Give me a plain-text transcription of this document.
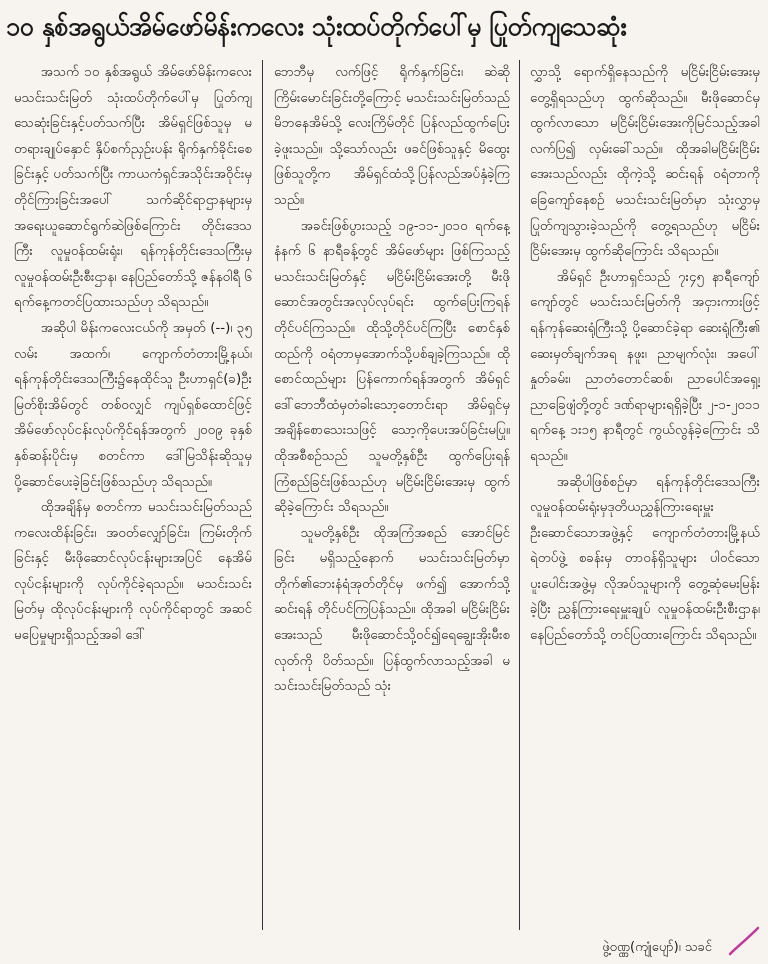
၁၀ နှစ်အရွယ်အိမ်ဖော်မိန်းကလေး သုံးထပ်တိုက်ပေါ်မှ ပြုတ်ကျသေဆုံး

အသက် ၁၀ နှစ်အရွယ် အိမ်ဖော်မိန်းကလေး မသင်းသင်းမြတ် သုံးထပ်တိုက်ပေါ်မှ ပြုတ်ကျသေဆုံးခြင်းနှင့်ပတ်သက်ပြီး အိမ်ရှင်ဖြစ်သူမှ မတရားချုပ်နှောင် နှိပ်စက်ညှဉ်းပန်း ရိုက်နှက်ခိုင်းစေခြင်းနှင့် ပတ်သက်ပြီး ကာယကံရှင်အသိုင်းအဝိုင်းမှ တိုင်ကြားခြင်းအပေါ် သက်ဆိုင်ရာဌာနများမှ အရေးယူဆောင်ရွက်ဆဲဖြစ်ကြောင်း တိုင်းဒေသကြီး လူမှုဝန်ထမ်းရုံး၊ ရန်ကုန်တိုင်းဒေသကြီးမှ လူမှုဝန်ထမ်းဦးစီးဌာန၊ နေပြည်တော်သို့ ဇန်နဝါရီ ၆ ရက်နေ့ကတင်ပြထားသည်ဟု သိရသည်။

အဆိုပါ မိန်းကလေးငယ်ကို အမှတ် (--)၊ ၃၅ လမ်း အထက်၊ ကျောက်တံတားမြို့နယ်၊ ရန်ကုန်တိုင်းဒေသကြီး၌နေထိုင်သူ ဦးဟာရှင်(ခ)ဦးမြတ်စိုးအိမ်တွင် တစ်ဝလျှင် ကျပ်ရှစ်ထောင်ဖြင့် အိမ်ဖော်လုပ်ငန်းလုပ်ကိုင်ရန်အတွက် ၂၀၀၉ ခုနှစ် နှစ်ဆန်းပိုင်းမှ စတင်ကာ ဒေါ်မြသိန်းဆိုသူမှ ပို့ဆောင်ပေးခဲ့ခြင်းဖြစ်သည်ဟု သိရသည်။

ထိုအချိန်မှ စတင်ကာ မသင်းသင်းမြတ်သည် ကလေးထိန်းခြင်း၊ အဝတ်လျှော်ခြင်း၊ ကြမ်းတိုက်ခြင်းနှင့် မီးဖိုဆောင်လုပ်ငန်းများအပြင် နေအိမ်လုပ်ငန်းများကို လုပ်ကိုင်ခဲ့ရသည်။ မသင်းသင်းမြတ်မှ ထိုလုပ်ငန်းများကို လုပ်ကိုင်ရာတွင် အဆင်မပြေမှုများရှိသည့်အခါ ဒေါ်

ဘေဘီမှ လက်ဖြင့် ရိုက်နှက်ခြင်း၊ ဆဲဆို ကြိမ်းမောင်းခြင်းတို့ကြောင့် မသင်းသင်းမြတ်သည် မိဘနေအိမ်သို့ လေးကြိမ်တိုင် ပြန်လည်ထွက်ပြေးခဲ့ဖူးသည်။ သို့သော်လည်း ဖခင်ဖြစ်သူနှင့် မိထွေးဖြစ်သူတို့က အိမ်ရှင်ထံသို့ပြန်လည်အပ်နှံခဲ့ကြသည်။

အခင်းဖြစ်ပွားသည့် ၁၉-၁၁-၂၀၁၀ ရက်နေ့ နံနက် ၆ နာရီခန့်တွင် အိမ်ဖော်များ ဖြစ်ကြသည့် မသင်းသင်းမြတ်နှင့် မငြိမ်းငြိမ်းအေးတို့ မီးဖိုဆောင်အတွင်းအလုပ်လုပ်ရင်း ထွက်ပြေးကြရန် တိုင်ပင်ကြသည်။ ထိုသို့တိုင်ပင်ကြပြီး စောင်နှစ်ထည်ကို ဝရံတာမှအောက်သို့ပစ်ချခဲ့ကြသည်။ ထိုစောင်ထည်များ ပြန်ကောက်ရန်အတွက် အိမ်ရှင် ဒေါ်ဘေဘီထံမှတံခါးသော့တောင်းရာ အိမ်ရှင်မှ အချိန်စောသေးသဖြင့် သော့ကိုပေးအပ်ခြင်းမပြု။ ထိုအစီစဉ်သည် သူမတို့နှစ်ဦး ထွက်ပြေးရန်ကြံစည်ခြင်းဖြစ်သည်ဟု မငြိမ်းငြိမ်းအေးမှ ထွက်ဆိုခဲ့ကြောင်း သိရသည်။

သူမတို့နှစ်ဦး ထိုအကြံအစည် အောင်မြင်ခြင်း မရှိသည့်နောက် မသင်းသင်းမြတ်မှာ တိုက်၏ဘေးနံရံအုတ်တိုင်မှ ဖက်၍ အောက်သို့ဆင်းရန် တိုင်ပင်ကြပြန်သည်။ ထိုအခါ မငြိမ်းငြိမ်းအေးသည် မီးဖိုဆောင်သို့ဝင်၍ရေချွေးအိုးမီးစလုတ်ကို ပိတ်သည်။ ပြန်ထွက်လာသည့်အခါ မသင်းသင်းမြတ်သည် သုံး

လွှာသို့ ရောက်ရှိနေသည်ကို မငြိမ်းငြိမ်းအေးမှ တွေ့ရှိရသည်ဟု ထွက်ဆိုသည်။ မီးဖိုဆောင်မှထွက်လာသော မငြိမ်းငြိမ်းအေးကိုမြင်သည့်အခါ လက်ပြ၍ လှမ်းခေါ်သည်။ ထိုအခါမငြိမ်းငြိမ်းအေးသည်လည်း ထိုကဲ့သို့ ဆင်းရန် ဝရံတာကို ခြေကျော်နေစဉ် မသင်းသင်းမြတ်မှာ သုံးလွှာမှ ပြုတ်ကျသွားခဲ့သည်ကို တွေ့ရသည်ဟု မငြိမ်းငြိမ်းအေးမှ ထွက်ဆိုကြောင်း သိရသည်။

အိမ်ရှင် ဦးဟာရှင်သည် ၇း၄၅ နာရီကျော်ကျော်တွင် မသင်းသင်းမြတ်ကို အငှားကားဖြင့် ရန်ကုန်ဆေးရုံကြီးသို့ ပို့ဆောင်ခဲ့ရာ ဆေးရုံကြီး၏ ဆေးမှတ်ချက်အရ နဖူး၊ ညာမျက်လုံး၊ အပေါ်နှုတ်ခမ်း၊ ညာတံတောင်ဆစ်၊ ညာပေါင်အရှေ့၊ ညာခြေဖျံတို့တွင် ဒဏ်ရာများရရှိခဲ့ပြီး ၂-၁-၂၀၁၁ ရက်နေ့ ၁း၁၅ နာရီတွင် ကွယ်လွန်ခဲ့ကြောင်း သိရသည်။

အဆိုပါဖြစ်စဉ်မှာ ရန်ကုန်တိုင်းဒေသကြီးလူမှုဝန်ထမ်းရုံးမှဒုတိယညွှန်ကြားရေးမှူး ဦးဆောင်သောအဖွဲ့နှင့် ကျောက်တံတားမြို့နယ် ရဲတပ်ဖွဲ့ စခန်းမှ တာဝန်ရှိသူများ ပါဝင်သော ပူးပေါင်းအဖွဲ့မှ လိုအပ်သူများကို တွေ့ဆုံမေးမြန်းခဲ့ပြီး ညွှန်ကြားရေးမှူးချုပ် လူမှုဝန်ထမ်းဦးစီးဌာန၊ နေပြည်တော်သို့ တင်ပြထားကြောင်း သိရသည်။

ဖွဲ့ဝဏ္ဏ(ကျုံပျော်)၊ သခင်
